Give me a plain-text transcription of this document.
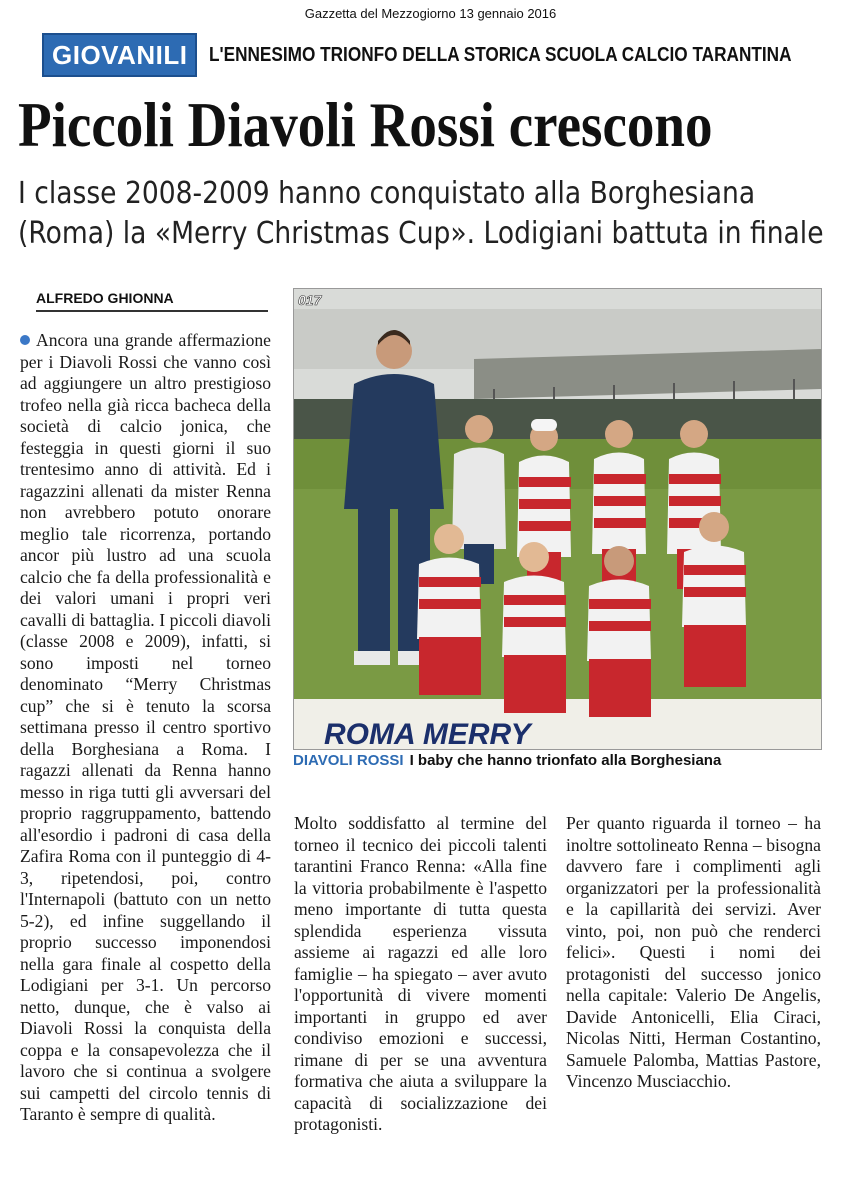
Gazzetta del Mezzogiorno 13 gennaio 2016
GIOVANILI	L'ENNESIMO TRIONFO DELLA STORICA SCUOLA CALCIO TARANTINA
Piccoli Diavoli Rossi crescono
I classe 2008-2009 hanno conquistato alla Borghesiana (Roma) la «Merry Christmas Cup». Lodigiani battuta in finale
ALFREDO GHIONNA
Ancora una grande affermazione per i Diavoli Rossi che vanno così ad aggiungere un altro prestigioso trofeo nella già ricca bacheca della società di calcio jonica, che festeggia in questi giorni il suo trentesimo anno di attività. Ed i ragazzini allenati da mister Renna non avrebbero potuto onorare meglio tale ricorrenza, portando ancor più lustro ad una scuola calcio che fa della professionalità e dei valori umani i propri veri cavalli di battaglia. I piccoli diavoli (classe 2008 e 2009), infatti, si sono imposti nel torneo denominato “Merry Christmas cup” che si è tenuto la scorsa settimana presso il centro sportivo della Borghesiana a Roma. I ragazzi allenati da Renna hanno messo in riga tutti gli avversari del proprio raggruppamento, battendo all'esordio i padroni di casa della Zafira Roma con il punteggio di 4-3, ripetendosi, poi, contro l'Internapoli (battuto con un netto 5-2), ed infine suggellando il proprio successo imponendosi nella gara finale al cospetto della Lodigiani per 3-1. Un percorso netto, dunque, che è valso ai Diavoli Rossi la conquista della coppa e la consapevolezza che il lavoro che si continua a svolgere sui campetti del circolo tennis di Taranto è sempre di qualità.
ROMA MERRY
017
DIAVOLI ROSSI I baby che hanno trionfato alla Borghesiana
Molto soddisfatto al termine del torneo il tecnico dei piccoli talenti tarantini Franco Renna: «Alla fine la vittoria probabilmente è l'aspetto meno importante di tutta questa splendida esperienza vissuta assieme ai ragazzi ed alle loro famiglie – ha spiegato – aver avuto l'opportunità di vivere momenti importanti in gruppo ed aver condiviso emozioni e successi, rimane di per se una avventura formativa che aiuta a sviluppare la capacità di socializzazione dei protagonisti.
Per quanto riguarda il torneo – ha inoltre sottolineato Renna – bisogna davvero fare i complimenti agli organizzatori per la professionalità e la capillarità dei servizi. Aver vinto, poi, non può che renderci felici». Questi i nomi dei protagonisti del successo jonico nella capitale: Valerio De Angelis, Davide Antonicelli, Elia Ciraci, Nicolas Nitti, Herman Costantino, Samuele Palomba, Mattias Pastore, Vincenzo Musciacchio.
